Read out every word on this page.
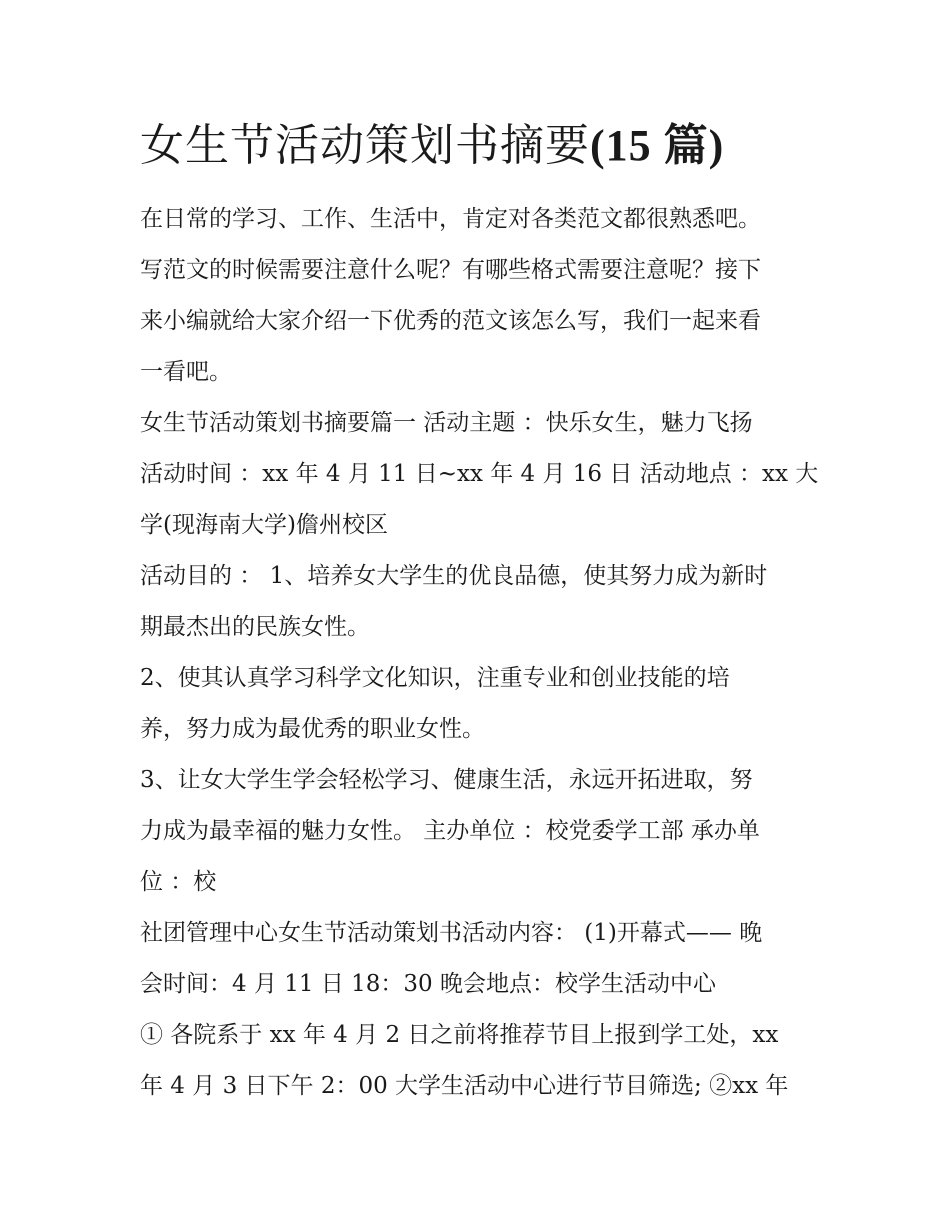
女生节活动策划书摘要(15 篇)

在日常的学习、工作、生活中，肯定对各类范文都很熟悉吧。

写范文的时候需要注意什么呢？有哪些格式需要注意呢？接下

来小编就给大家介绍一下优秀的范文该怎么写，我们一起来看

一看吧。

女生节活动策划书摘要篇一 活动主题 ：快乐女生，魅力飞扬

活动时间 ：xx 年 4 月 11 日~xx 年 4 月 16 日 活动地点 ：xx 大

学(现海南大学)儋州校区

活动目的 ： 1、培养女大学生的优良品德，使其努力成为新时

期最杰出的民族女性。

2、使其认真学习科学文化知识，注重专业和创业技能的培

养，努力成为最优秀的职业女性。

3、让女大学生学会轻松学习、健康生活，永远开拓进取，努

力成为最幸福的魅力女性。 主办单位 ：校党委学工部 承办单

位 ：校

社团管理中心女生节活动策划书活动内容： (1)开幕式—— 晚

会时间：4 月 11 日 18：30 晚会地点：校学生活动中心

① 各院系于 xx 年 4 月 2 日之前将推荐节目上报到学工处，xx

年 4 月 3 日下午 2：00 大学生活动中心进行节目筛选; ②xx 年
